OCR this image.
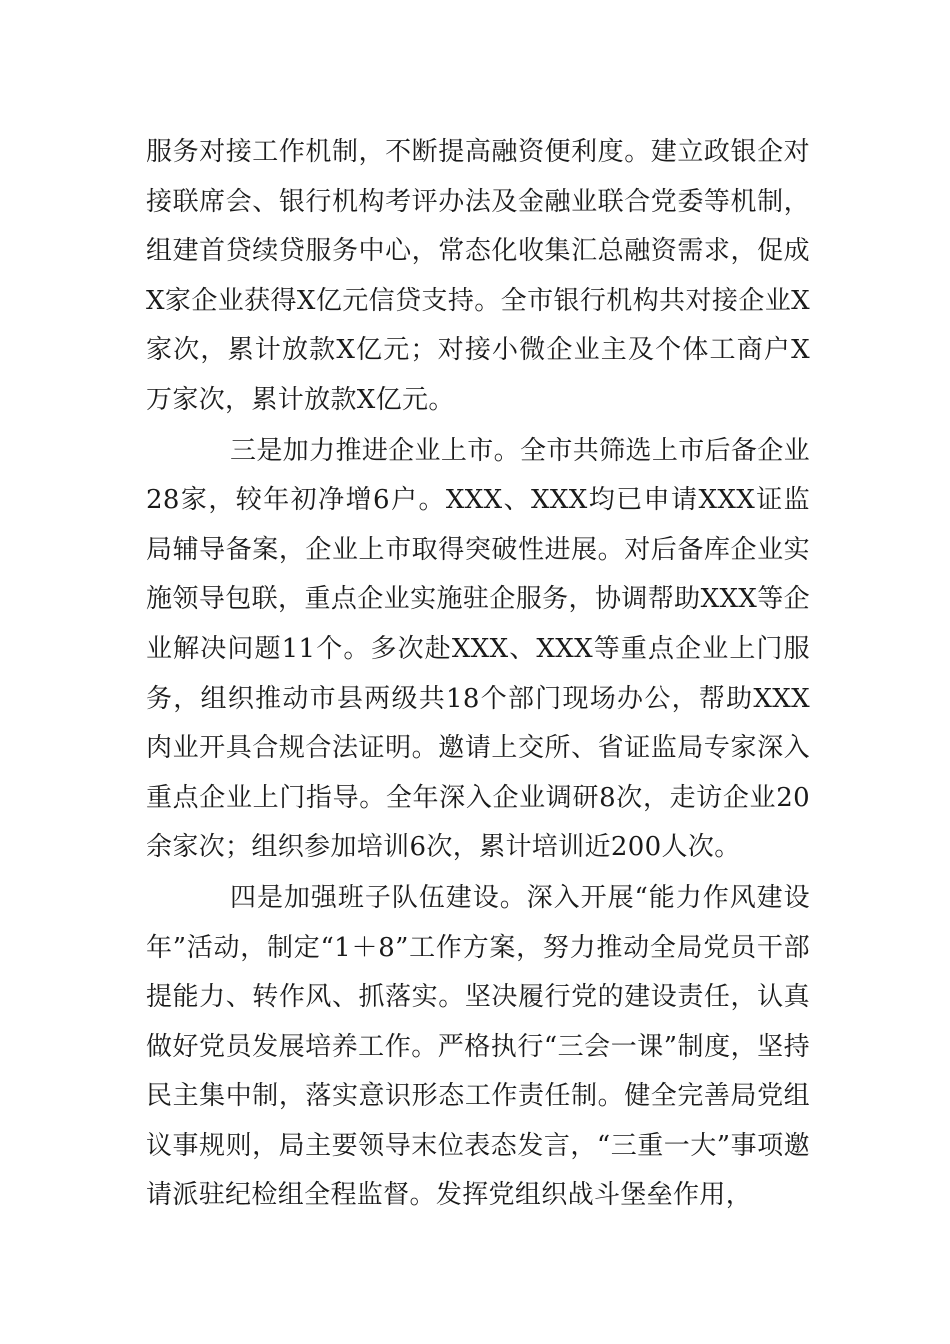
服务对接工作机制，不断提高融资便利度。建立政银企对接联席会、银行机构考评办法及金融业联合党委等机制，组建首贷续贷服务中心，常态化收集汇总融资需求，促成X家企业获得X亿元信贷支持。全市银行机构共对接企业X家次，累计放款X亿元；对接小微企业主及个体工商户X万家次，累计放款X亿元。

三是加力推进企业上市。全市共筛选上市后备企业28家，较年初净增6户。XXX、XXX均已申请XXX证监局辅导备案，企业上市取得突破性进展。对后备库企业实施领导包联，重点企业实施驻企服务，协调帮助XXX等企业解决问题11个。多次赴XXX、XXX等重点企业上门服务，组织推动市县两级共18个部门现场办公，帮助XXX肉业开具合规合法证明。邀请上交所、省证监局专家深入重点企业上门指导。全年深入企业调研8次，走访企业20余家次；组织参加培训6次，累计培训近200人次。

四是加强班子队伍建设。深入开展“能力作风建设年”活动，制定“1＋8”工作方案，努力推动全局党员干部提能力、转作风、抓落实。坚决履行党的建设责任，认真做好党员发展培养工作。严格执行“三会一课”制度，坚持民主集中制，落实意识形态工作责任制。健全完善局党组议事规则，局主要领导末位表态发言，“三重一大”事项邀请派驻纪检组全程监督。发挥党组织战斗堡垒作用，
